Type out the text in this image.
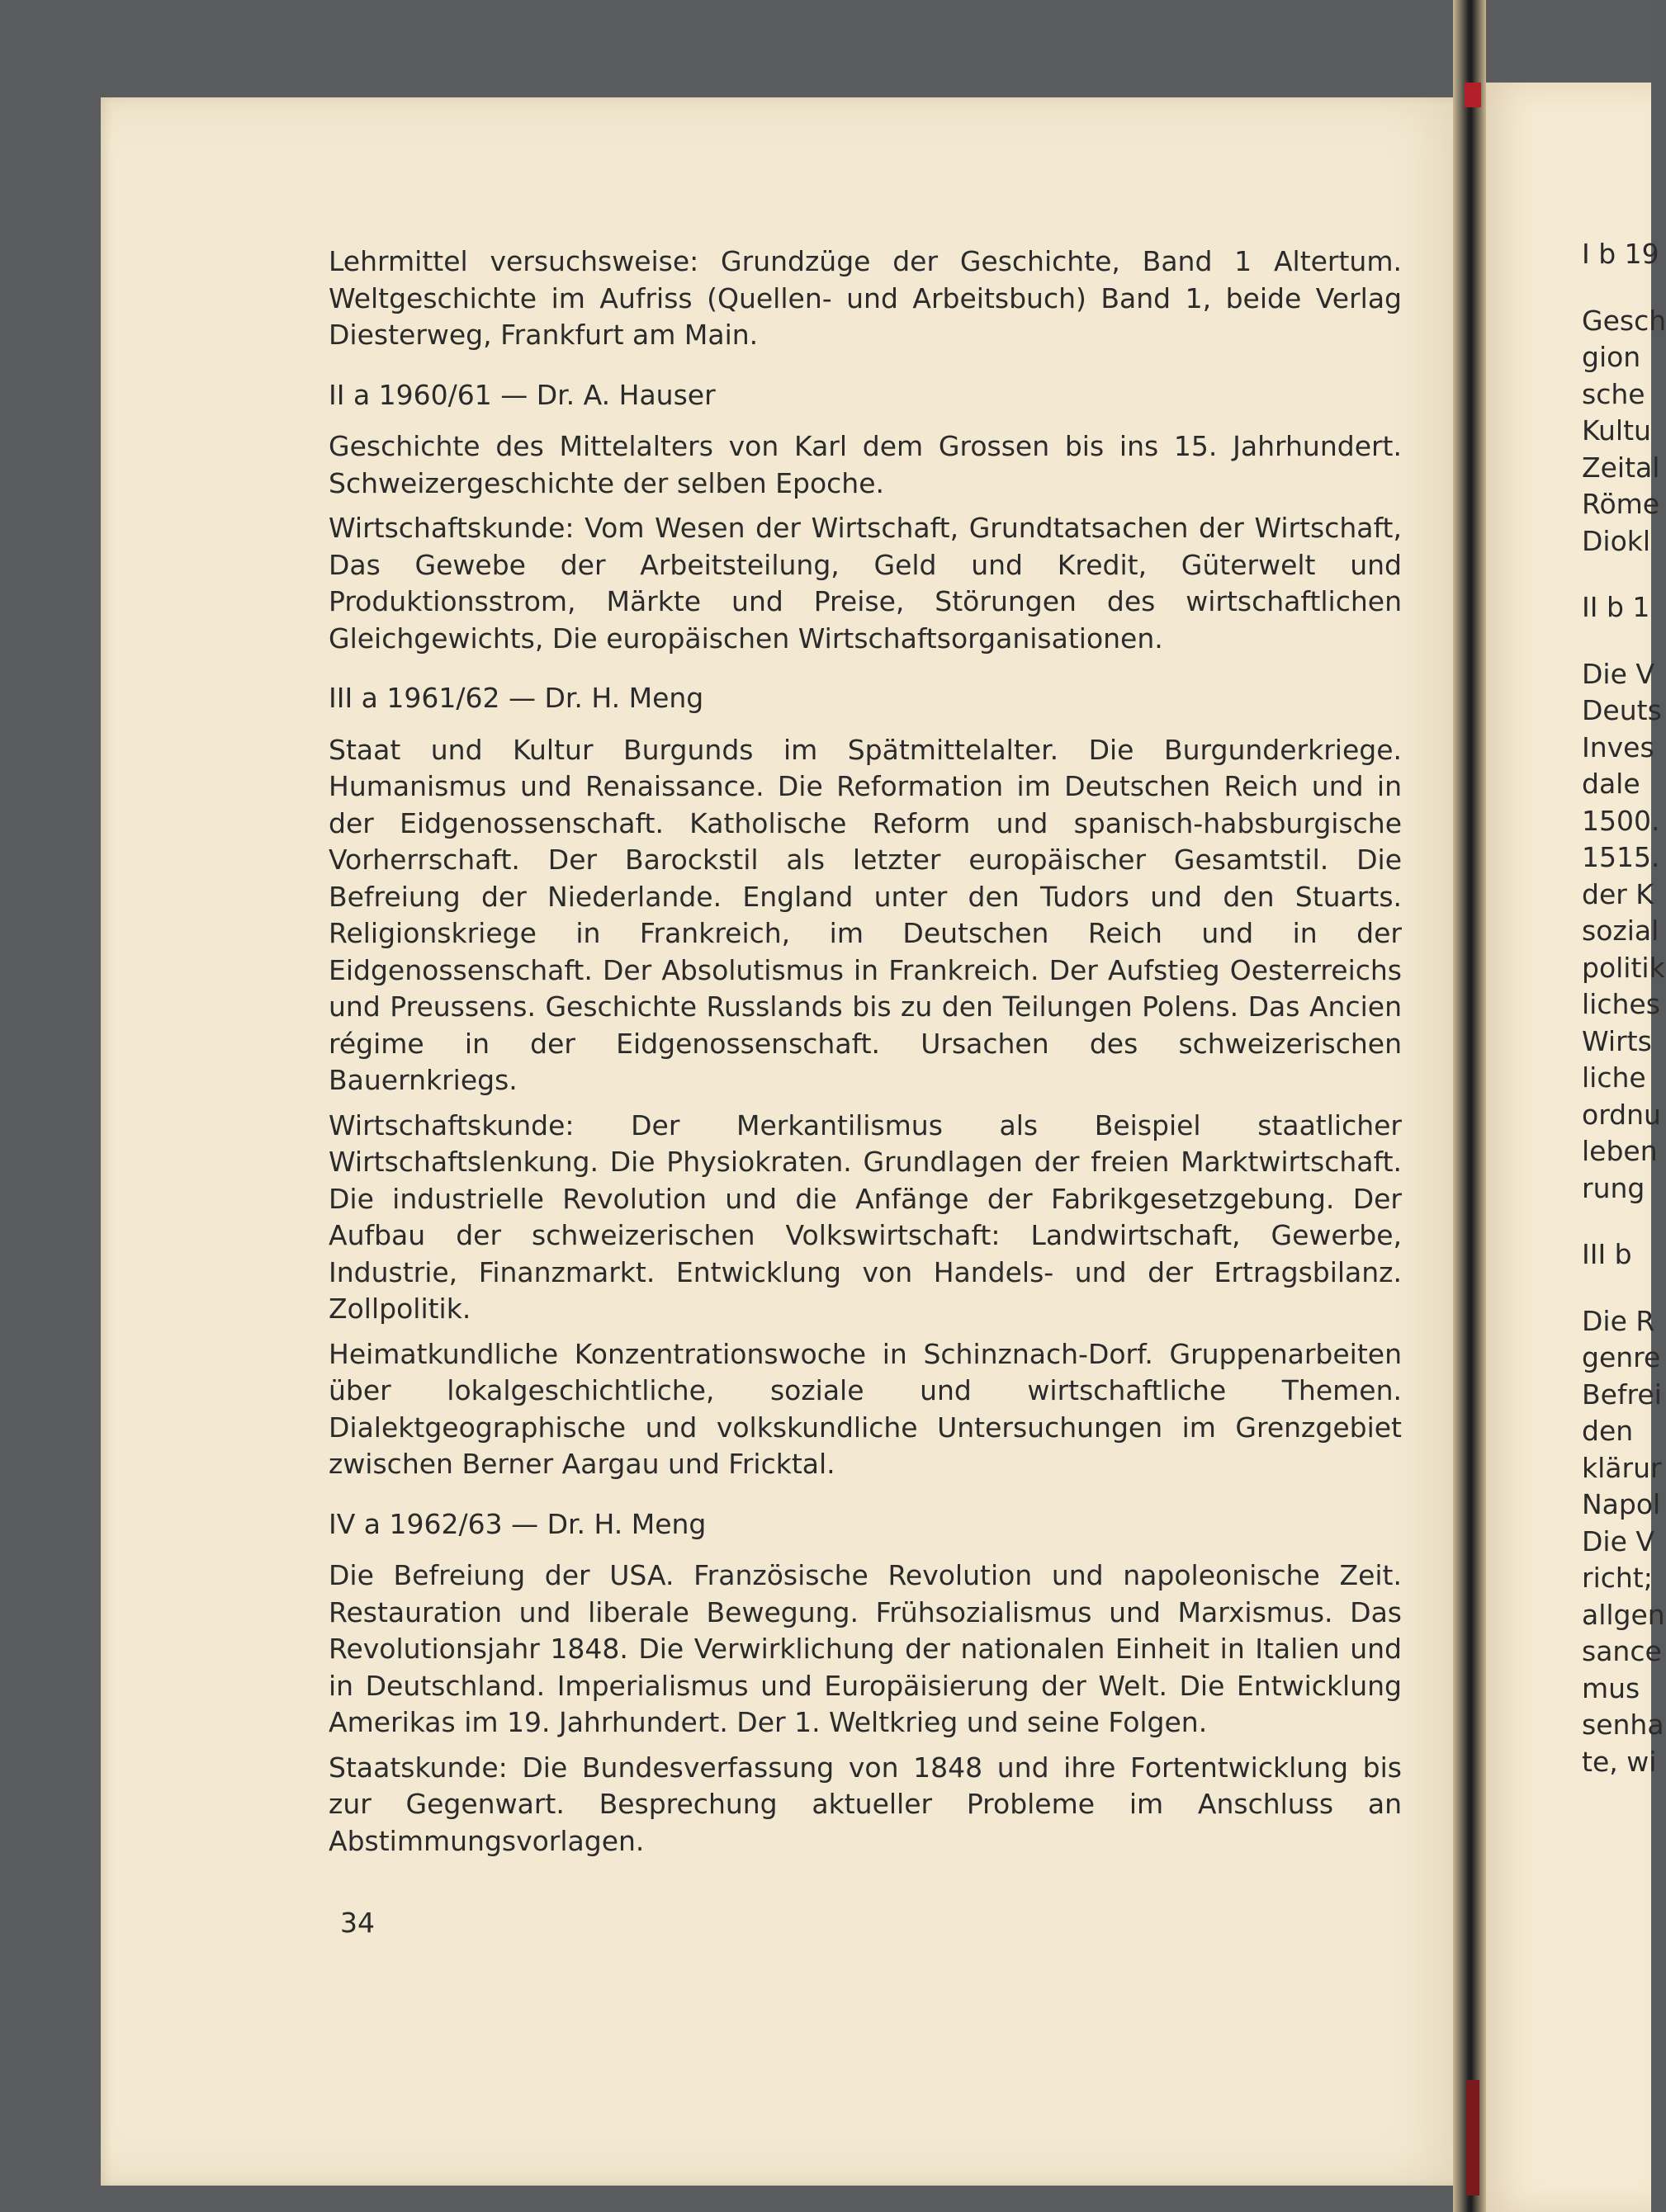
Lehrmittel versuchsweise: Grundzüge der Geschichte, Band 1 Altertum. Weltgeschichte im Aufriss (Quellen- und Arbeitsbuch) Band 1, beide Verlag Diesterweg, Frankfurt am Main.

II a 1960/61 — Dr. A. Hauser

Geschichte des Mittelalters von Karl dem Grossen bis ins 15. Jahrhundert. Schweizergeschichte der selben Epoche.

Wirtschaftskunde: Vom Wesen der Wirtschaft, Grundtatsachen der Wirtschaft, Das Gewebe der Arbeitsteilung, Geld und Kredit, Güterwelt und Produktionsstrom, Märkte und Preise, Störungen des wirtschaftlichen Gleichgewichts, Die europäischen Wirtschaftsorganisationen.

III a 1961/62 — Dr. H. Meng

Staat und Kultur Burgunds im Spätmittelalter. Die Burgunderkriege. Humanismus und Renaissance. Die Reformation im Deutschen Reich und in der Eidgenossenschaft. Katholische Reform und spanisch-habsburgische Vorherrschaft. Der Barockstil als letzter europäischer Gesamtstil. Die Befreiung der Niederlande. England unter den Tudors und den Stuarts. Religionskriege in Frankreich, im Deutschen Reich und in der Eidgenossenschaft. Der Absolutismus in Frankreich. Der Aufstieg Oesterreichs und Preussens. Geschichte Russlands bis zu den Teilungen Polens. Das Ancien régime in der Eidgenossenschaft. Ursachen des schweizerischen Bauernkriegs.

Wirtschaftskunde: Der Merkantilismus als Beispiel staatlicher Wirtschaftslenkung. Die Physiokraten. Grundlagen der freien Marktwirtschaft. Die industrielle Revolution und die Anfänge der Fabrikgesetzgebung. Der Aufbau der schweizerischen Volkswirtschaft: Landwirtschaft, Gewerbe, Industrie, Finanzmarkt. Entwicklung von Handels- und der Ertragsbilanz. Zollpolitik.

Heimatkundliche Konzentrationswoche in Schinznach-Dorf. Gruppenarbeiten über lokalgeschichtliche, soziale und wirtschaftliche Themen. Dialektgeographische und volkskundliche Untersuchungen im Grenzgebiet zwischen Berner Aargau und Fricktal.

IV a 1962/63 — Dr. H. Meng

Die Befreiung der USA. Französische Revolution und napoleonische Zeit. Restauration und liberale Bewegung. Frühsozialismus und Marxismus. Das Revolutionsjahr 1848. Die Verwirklichung der nationalen Einheit in Italien und in Deutschland. Imperialismus und Europäisierung der Welt. Die Entwicklung Amerikas im 19. Jahrhundert. Der 1. Weltkrieg und seine Folgen.

Staatskunde: Die Bundesverfassung von 1848 und ihre Fortentwicklung bis zur Gegenwart. Besprechung aktueller Probleme im Anschluss an Abstimmungsvorlagen.

34
I b 19
Gesch
gion
sche
Kultu
Zeital
Röme
Diokl
II b 1
Die V
Deuts
Inves
dale
1500.
1515.
der K
sozial
politik
liches
Wirts
liche
ordnu
leben
rung
III b
Die R
genre
Befrei
den
klärur
Napol
Die V
richt;
allgen
sance
mus
senha
te, wi
